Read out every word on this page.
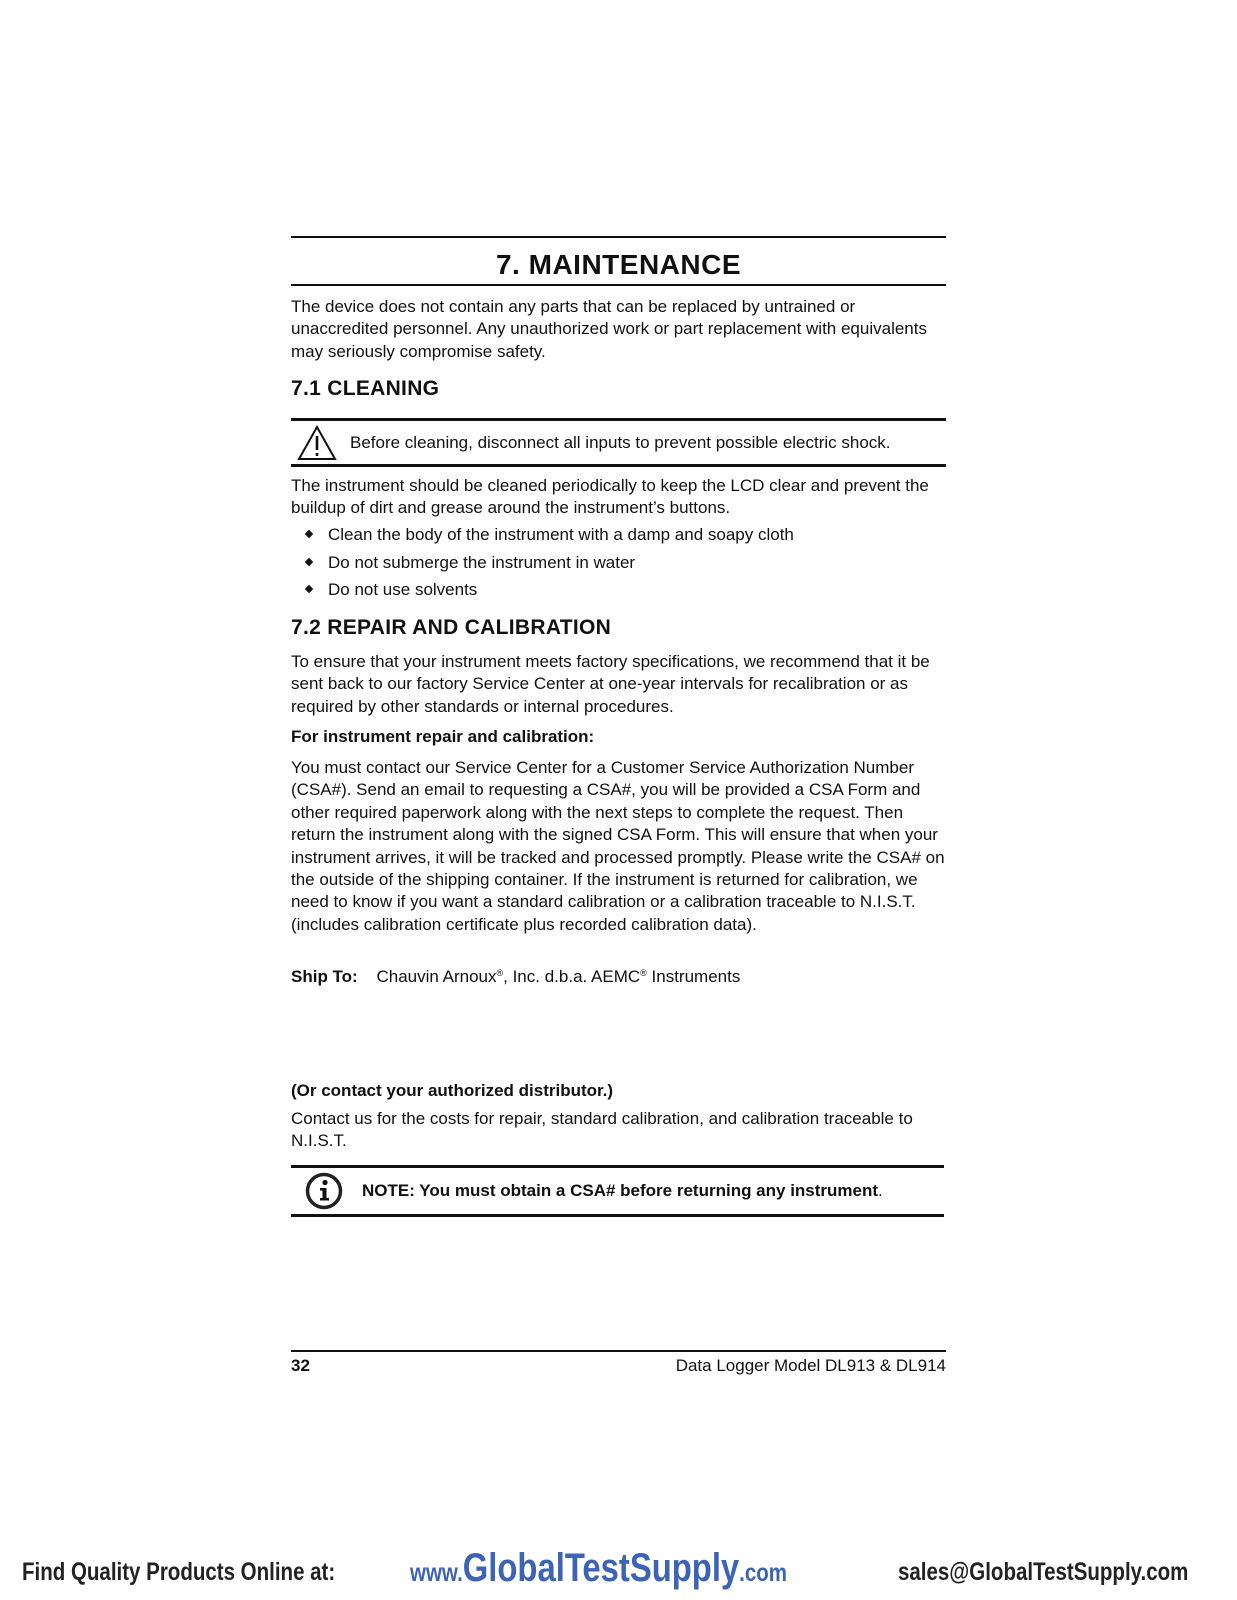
7. MAINTENANCE

The device does not contain any parts that can be replaced by untrained or unaccredited personnel. Any unauthorized work or part replacement with equivalents may seriously compromise safety.

7.1 CLEANING
Before cleaning, disconnect all inputs to prevent possible electric shock.

The instrument should be cleaned periodically to keep the LCD clear and prevent the buildup of dirt and grease around the instrument’s buttons.

Clean the body of the instrument with a damp and soapy cloth
Do not submerge the instrument in water
Do not use solvents
7.2 REPAIR AND CALIBRATION

To ensure that your instrument meets factory specifications, we recommend that it be sent back to our factory Service Center at one-year intervals for recalibration or as required by other standards or internal procedures.

For instrument repair and calibration:

You must contact our Service Center for a Customer Service Authorization Number (CSA#). Send an email to requesting a CSA#, you will be provided a CSA Form and other required paperwork along with the next steps to complete the request. Then return the instrument along with the signed CSA Form. This will ensure that when your instrument arrives, it will be tracked and processed promptly. Please write the CSA# on the outside of the shipping container. If the instrument is returned for calibration, we need to know if you want a standard calibration or a calibration traceable to N.I.S.T. (includes calibration certificate plus recorded calibration data).

Ship To: Chauvin Arnoux®, Inc. d.b.a. AEMC® Instruments

(Or contact your authorized distributor.)

Contact us for the costs for repair, standard calibration, and calibration traceable to N.I.S.T.

NOTE: You must obtain a CSA# before returning any instrument.
32	Data Logger Model DL913 & DL914
Find Quality Products Online at:	www.GlobalTestSupply.com	sales@GlobalTestSupply.com
